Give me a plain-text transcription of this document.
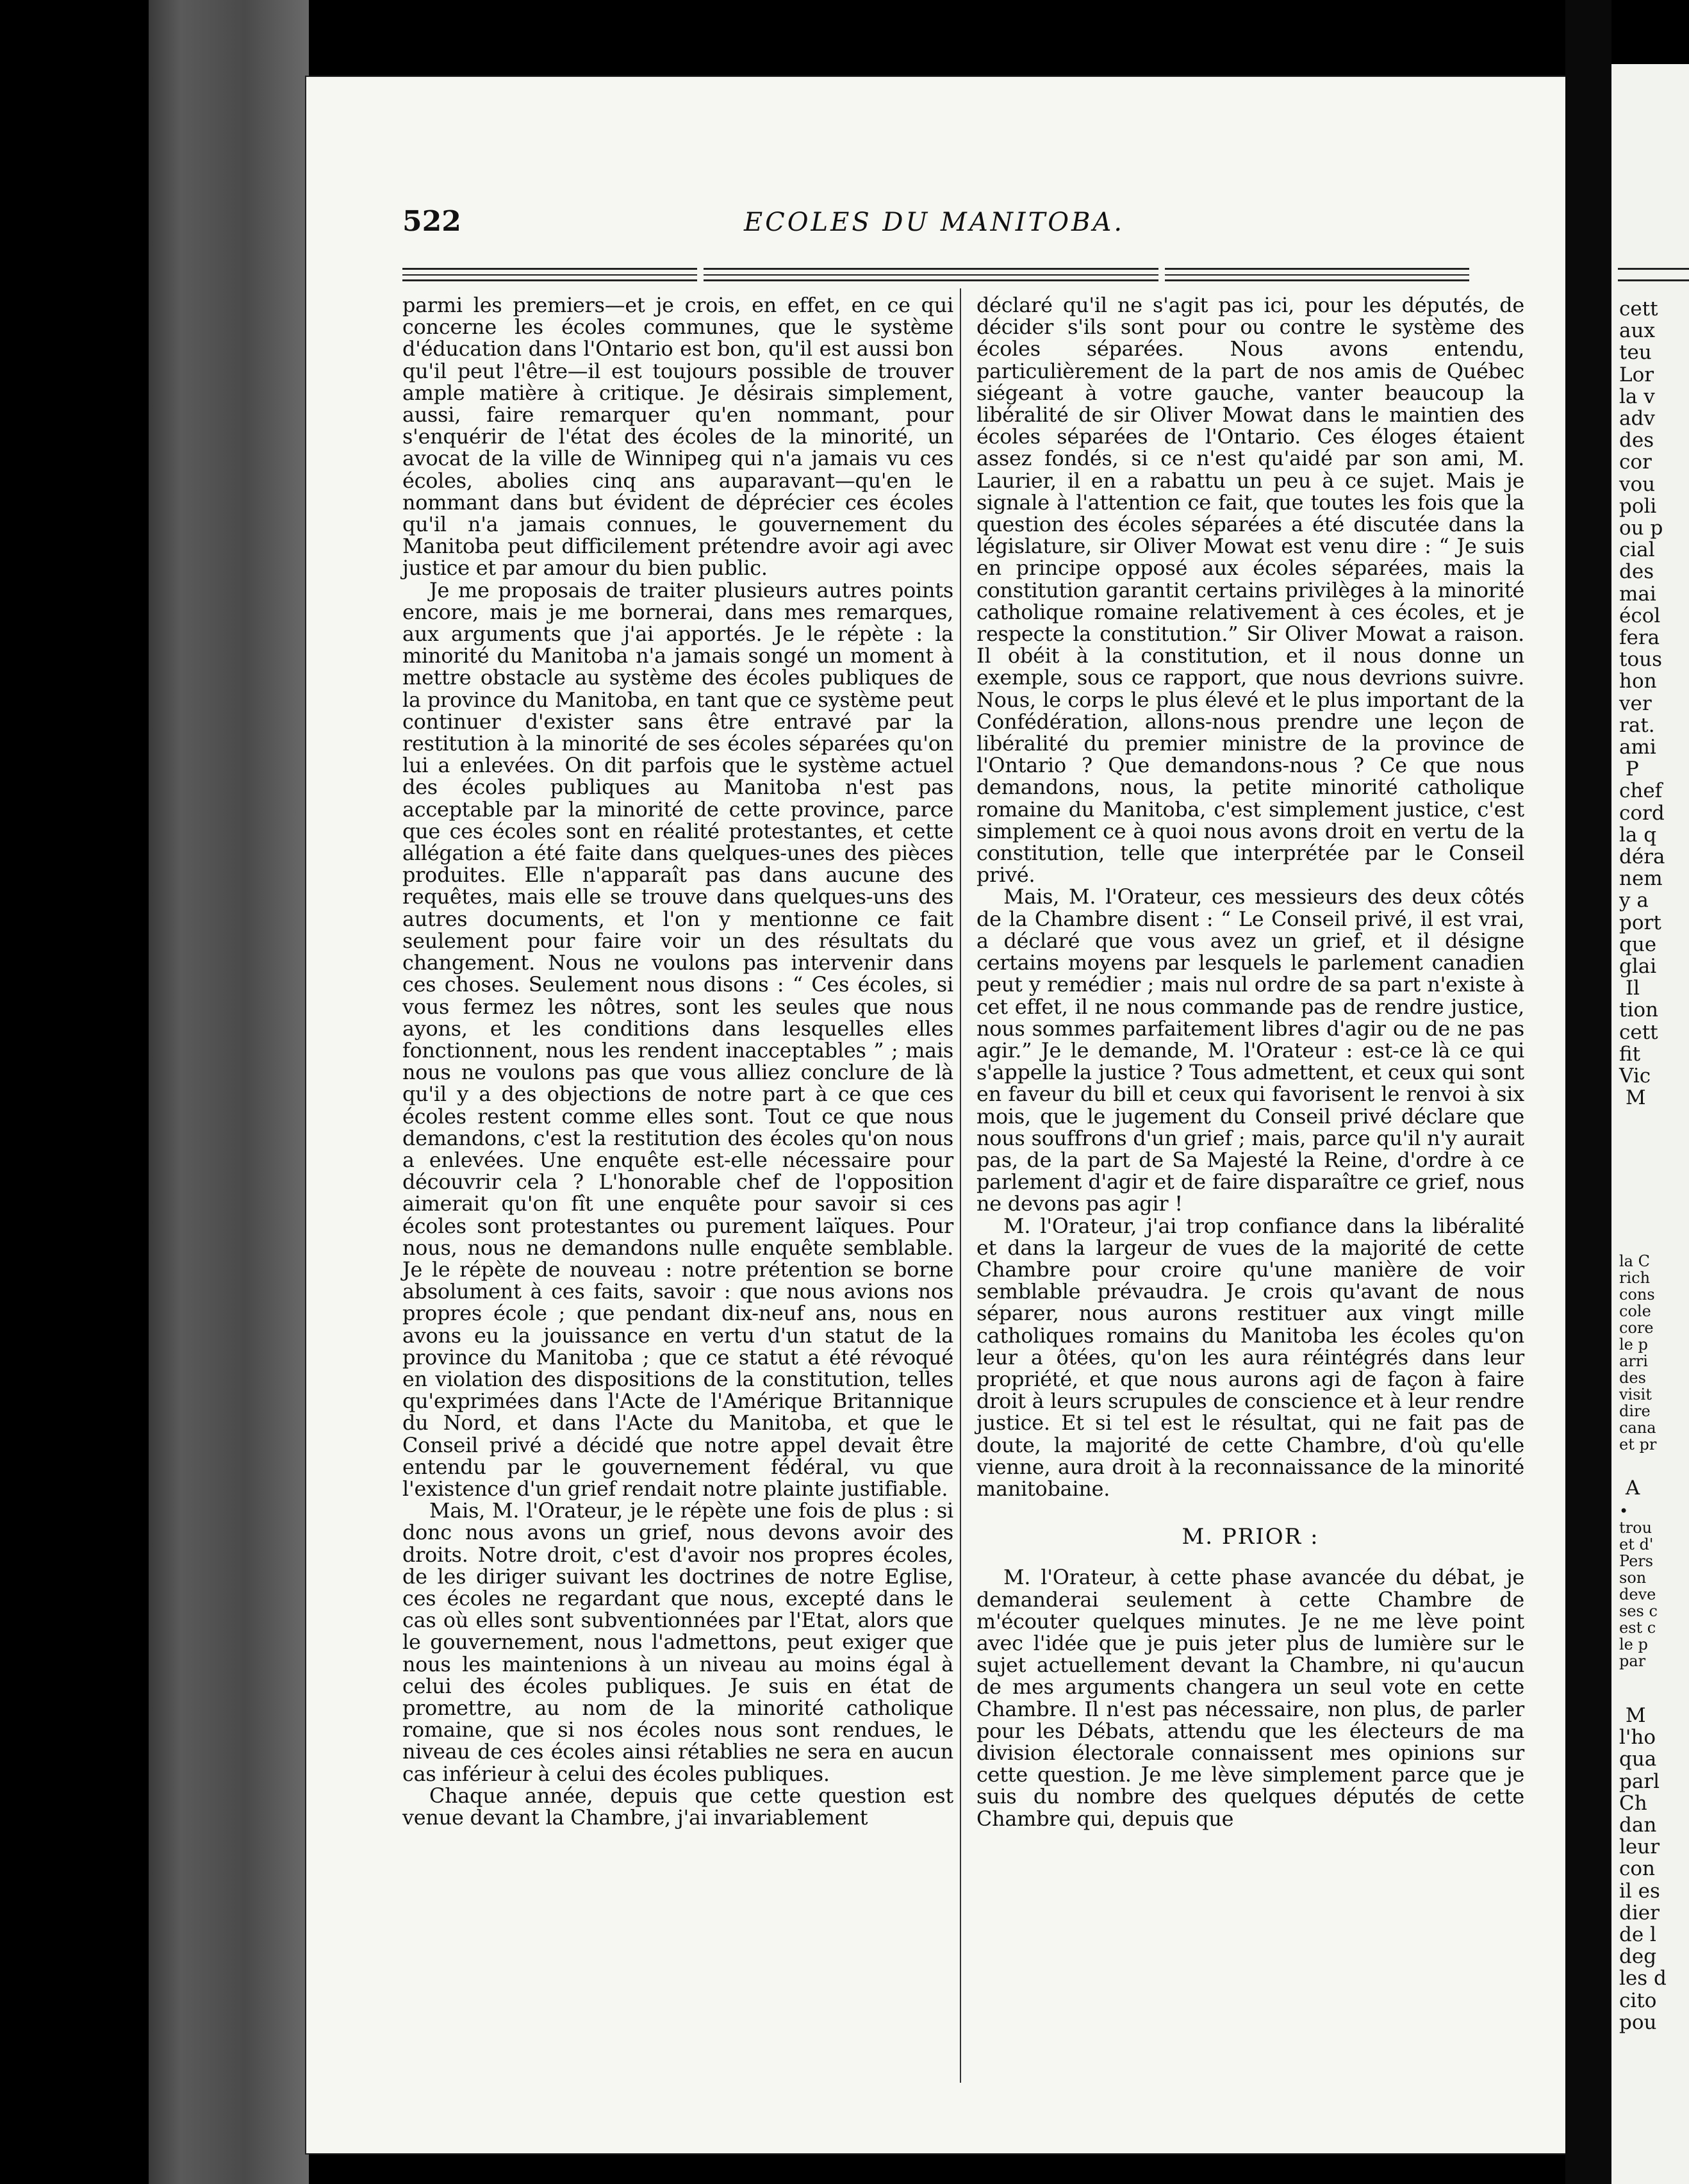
522	ECOLES DU MANITOBA.

parmi les premiers—et je crois, en effet, en ce qui concerne les écoles communes, que le système d'éducation dans l'Ontario est bon, qu'il est aussi bon qu'il peut l'être—il est toujours possible de trouver ample matière à critique. Je désirais simplement, aussi, faire remarquer qu'en nommant, pour s'enquérir de l'état des écoles de la minorité, un avocat de la ville de Winnipeg qui n'a jamais vu ces écoles, abolies cinq ans auparavant—qu'en le nommant dans but évident de déprécier ces écoles qu'il n'a jamais connues, le gouvernement du Manitoba peut difficilement prétendre avoir agi avec justice et par amour du bien public.

Je me proposais de traiter plusieurs autres points encore, mais je me bornerai, dans mes remarques, aux arguments que j'ai apportés. Je le répète : la minorité du Manitoba n'a jamais songé un moment à mettre obstacle au système des écoles publiques de la province du Manitoba, en tant que ce système peut continuer d'exister sans être entravé par la restitution à la minorité de ses écoles séparées qu'on lui a enlevées. On dit parfois que le système actuel des écoles publiques au Manitoba n'est pas acceptable par la minorité de cette province, parce que ces écoles sont en réalité protestantes, et cette allégation a été faite dans quelques-unes des pièces produites. Elle n'apparaît pas dans aucune des requêtes, mais elle se trouve dans quelques-uns des autres documents, et l'on y mentionne ce fait seulement pour faire voir un des résultats du changement. Nous ne voulons pas intervenir dans ces choses. Seulement nous disons : “ Ces écoles, si vous fermez les nôtres, sont les seules que nous ayons, et les conditions dans lesquelles elles fonctionnent, nous les rendent inacceptables ” ; mais nous ne voulons pas que vous alliez conclure de là qu'il y a des objections de notre part à ce que ces écoles restent comme elles sont. Tout ce que nous demandons, c'est la restitution des écoles qu'on nous a enlevées. Une enquête est-elle nécessaire pour découvrir cela ? L'honorable chef de l'opposition aimerait qu'on fît une enquête pour savoir si ces écoles sont protestantes ou purement laïques. Pour nous, nous ne demandons nulle enquête semblable. Je le répète de nouveau : notre prétention se borne absolument à ces faits, savoir : que nous avions nos propres école ; que pendant dix-neuf ans, nous en avons eu la jouissance en vertu d'un statut de la province du Manitoba ; que ce statut a été révoqué en violation des dispositions de la constitution, telles qu'exprimées dans l'Acte de l'Amérique Britannique du Nord, et dans l'Acte du Manitoba, et que le Conseil privé a décidé que notre appel devait être entendu par le gouvernement fédéral, vu que l'existence d'un grief rendait notre plainte justifiable.

Mais, M. l'Orateur, je le répète une fois de plus : si donc nous avons un grief, nous devons avoir des droits. Notre droit, c'est d'avoir nos propres écoles, de les diriger suivant les doctrines de notre Eglise, ces écoles ne regardant que nous, excepté dans le cas où elles sont subventionnées par l'Etat, alors que le gouvernement, nous l'admettons, peut exiger que nous les maintenions à un niveau au moins égal à celui des écoles publiques. Je suis en état de promettre, au nom de la minorité catholique romaine, que si nos écoles nous sont rendues, le niveau de ces écoles ainsi rétablies ne sera en aucun cas inférieur à celui des écoles publiques.

Chaque année, depuis que cette question est venue devant la Chambre, j'ai invariablement

déclaré qu'il ne s'agit pas ici, pour les députés, de décider s'ils sont pour ou contre le système des écoles séparées. Nous avons entendu, particulièrement de la part de nos amis de Québec siégeant à votre gauche, vanter beaucoup la libéralité de sir Oliver Mowat dans le maintien des écoles séparées de l'Ontario. Ces éloges étaient assez fondés, si ce n'est qu'aidé par son ami, M. Laurier, il en a rabattu un peu à ce sujet. Mais je signale à l'attention ce fait, que toutes les fois que la question des écoles séparées a été discutée dans la législature, sir Oliver Mowat est venu dire : “ Je suis en principe opposé aux écoles séparées, mais la constitution garantit certains privilèges à la minorité catholique romaine relativement à ces écoles, et je respecte la constitution.” Sir Oliver Mowat a raison. Il obéit à la constitution, et il nous donne un exemple, sous ce rapport, que nous devrions suivre. Nous, le corps le plus élevé et le plus important de la Confédération, allons-nous prendre une leçon de libéralité du premier ministre de la province de l'Ontario ? Que demandons-nous ? Ce que nous demandons, nous, la petite minorité catholique romaine du Manitoba, c'est simplement justice, c'est simplement ce à quoi nous avons droit en vertu de la constitution, telle que interprétée par le Conseil privé.

Mais, M. l'Orateur, ces messieurs des deux côtés de la Chambre disent : “ Le Conseil privé, il est vrai, a déclaré que vous avez un grief, et il désigne certains moyens par lesquels le parlement canadien peut y remédier ; mais nul ordre de sa part n'existe à cet effet, il ne nous commande pas de rendre justice, nous sommes parfaitement libres d'agir ou de ne pas agir.” Je le demande, M. l'Orateur : est-ce là ce qui s'appelle la justice ? Tous admettent, et ceux qui sont en faveur du bill et ceux qui favorisent le renvoi à six mois, que le jugement du Conseil privé déclare que nous souffrons d'un grief ; mais, parce qu'il n'y aurait pas, de la part de Sa Majesté la Reine, d'ordre à ce parlement d'agir et de faire disparaître ce grief, nous ne devons pas agir !

M. l'Orateur, j'ai trop confiance dans la libéralité et dans la largeur de vues de la majorité de cette Chambre pour croire qu'une manière de voir semblable prévaudra. Je crois qu'avant de nous séparer, nous aurons restituer aux vingt mille catholiques romains du Manitoba les écoles qu'on leur a ôtées, qu'on les aura réintégrés dans leur propriété, et que nous aurons agi de façon à faire droit à leurs scrupules de conscience et à leur rendre justice. Et si tel est le résultat, qui ne fait pas de doute, la majorité de cette Chambre, d'où qu'elle vienne, aura droit à la reconnaissance de la minorité manitobaine.

M. PRIOR :

M. l'Orateur, à cette phase avancée du débat, je demanderai seulement à cette Chambre de m'écouter quelques minutes. Je ne me lève point avec l'idée que je puis jeter plus de lumière sur le sujet actuellement devant la Chambre, ni qu'aucun de mes arguments changera un seul vote en cette Chambre. Il n'est pas nécessaire, non plus, de parler pour les Débats, attendu que les électeurs de ma division électorale connaissent mes opinions sur cette question. Je me lève simplement parce que je suis du nombre des quelques députés de cette Chambre qui, depuis que

cett
aux
teu
Lor
la v
adv
des
cor
vou
poli
ou p
cial
des
mai
écol
fera
tous
hon
ver
rat.
ami
P
chef
cord
la q
déra
nem
y a
port
que
glai
Il
tion
cett
fit
Vic
M
la C
rich
cons
cole
core
le p
arri
des
visit
dire
cana
et pr
A
•
trou
et d'
Pers
son
deve
ses c
est c
le p
par
M
l'ho
qua
parl
Ch
dan
leur
con
il es
dier
de l
deg
les d
cito
pou
